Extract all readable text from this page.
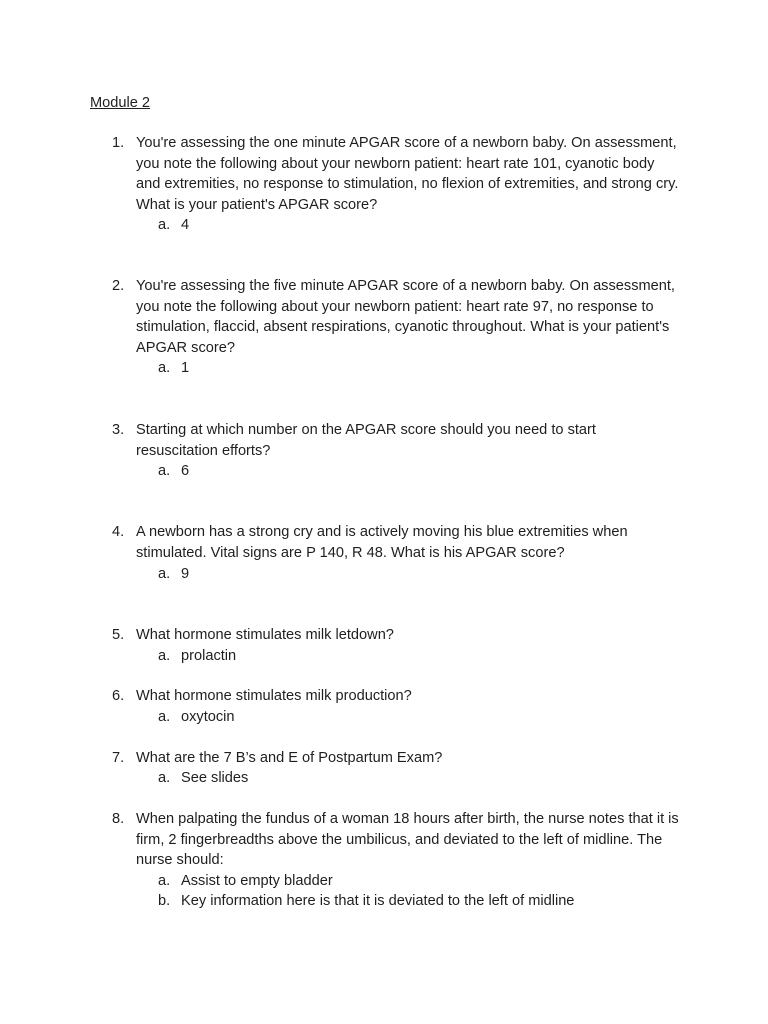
Module 2
1. You're assessing the one minute APGAR score of a newborn baby. On assessment, you note the following about your newborn patient: heart rate 101, cyanotic body and extremities, no response to stimulation, no flexion of extremities, and strong cry. What is your patient's APGAR score?
a. 4
2. You're assessing the five minute APGAR score of a newborn baby. On assessment, you note the following about your newborn patient: heart rate 97, no response to stimulation, flaccid, absent respirations, cyanotic throughout. What is your patient's APGAR score?
a. 1
3. Starting at which number on the APGAR score should you need to start resuscitation efforts?
a. 6
4. A newborn has a strong cry and is actively moving his blue extremities when stimulated. Vital signs are P 140, R 48. What is his APGAR score?
a. 9
5. What hormone stimulates milk letdown?
a. prolactin
6. What hormone stimulates milk production?
a. oxytocin
7. What are the 7 B’s and E of Postpartum Exam?
a. See slides
8. When palpating the fundus of a woman 18 hours after birth, the nurse notes that it is firm, 2 fingerbreadths above the umbilicus, and deviated to the left of midline. The nurse should:
a. Assist to empty bladder
b. Key information here is that it is deviated to the left of midline
